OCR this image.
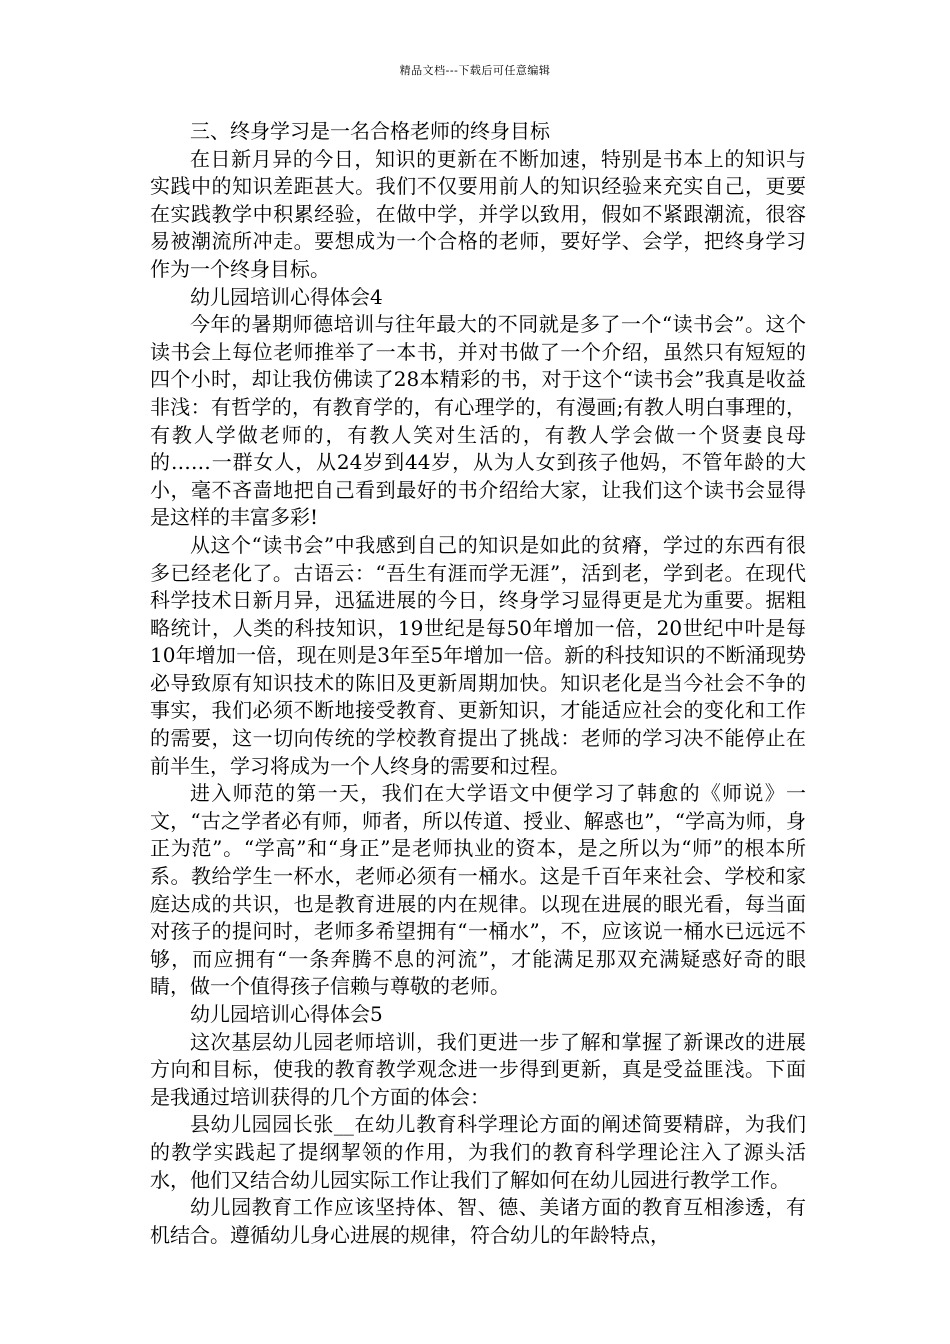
精品文档---下载后可任意编辑

三、终身学习是一名合格老师的终身目标

在日新月异的今日，知识的更新在不断加速，特别是书本上的知识与实践中的知识差距甚大。我们不仅要用前人的知识经验来充实自己，更要在实践教学中积累经验，在做中学，并学以致用，假如不紧跟潮流，很容易被潮流所冲走。要想成为一个合格的老师，要好学、会学，把终身学习作为一个终身目标。

幼儿园培训心得体会4

今年的暑期师德培训与往年最大的不同就是多了一个“读书会”。这个读书会上每位老师推举了一本书，并对书做了一个介绍，虽然只有短短的四个小时，却让我仿佛读了28本精彩的书，对于这个“读书会”我真是收益非浅：有哲学的，有教育学的，有心理学的，有漫画;有教人明白事理的，有教人学做老师的，有教人笑对生活的，有教人学会做一个贤妻良母的……一群女人，从24岁到44岁，从为人女到孩子他妈，不管年龄的大小，毫不吝啬地把自己看到最好的书介绍给大家，让我们这个读书会显得是这样的丰富多彩!

从这个“读书会”中我感到自己的知识是如此的贫瘠，学过的东西有很多已经老化了。古语云：“吾生有涯而学无涯”，活到老，学到老。在现代科学技术日新月异，迅猛进展的今日，终身学习显得更是尤为重要。据粗略统计，人类的科技知识，19世纪是每50年增加一倍，20世纪中叶是每10年增加一倍，现在则是3年至5年增加一倍。新的科技知识的不断涌现势必导致原有知识技术的陈旧及更新周期加快。知识老化是当今社会不争的事实，我们必须不断地接受教育、更新知识，才能适应社会的变化和工作的需要，这一切向传统的学校教育提出了挑战：老师的学习决不能停止在前半生，学习将成为一个人终身的需要和过程。

进入师范的第一天，我们在大学语文中便学习了韩愈的《师说》一文，“古之学者必有师，师者，所以传道、授业、解惑也”，“学高为师，身正为范”。“学高”和“身正”是老师执业的资本，是之所以为“师”的根本所系。教给学生一杯水，老师必须有一桶水。这是千百年来社会、学校和家庭达成的共识，也是教育进展的内在规律。以现在进展的眼光看，每当面对孩子的提问时，老师多希望拥有“一桶水”，不，应该说一桶水已远远不够，而应拥有“一条奔腾不息的河流”，才能满足那双充满疑惑好奇的眼睛，做一个值得孩子信赖与尊敬的老师。

幼儿园培训心得体会5

这次基层幼儿园老师培训，我们更进一步了解和掌握了新课改的进展方向和目标，使我的教育教学观念进一步得到更新，真是受益匪浅。下面是我通过培训获得的几个方面的体会：

县幼儿园园长张__在幼儿教育科学理论方面的阐述简要精辟，为我们的教学实践起了提纲挈领的作用，为我们的教育科学理论注入了源头活水，他们又结合幼儿园实际工作让我们了解如何在幼儿园进行教学工作。

幼儿园教育工作应该坚持体、智、德、美诸方面的教育互相渗透，有机结合。遵循幼儿身心进展的规律，符合幼儿的年龄特点，
